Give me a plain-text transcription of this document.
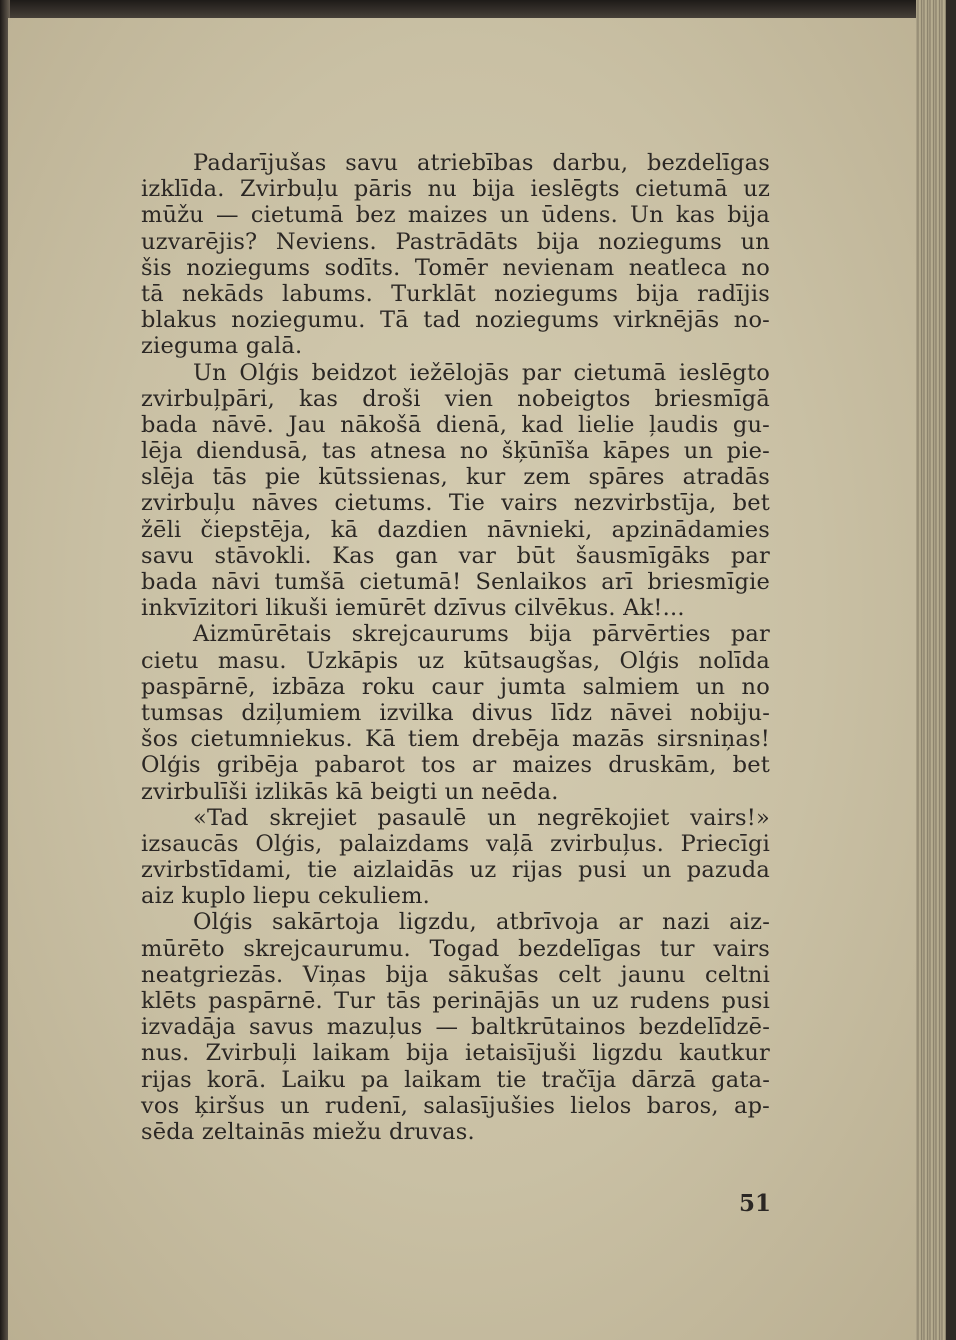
Padarījušas savu atriebības darbu, bezdelīgas
izklīda. Zvirbuļu pāris nu bija ieslēgts cietumā uz
mūžu — cietumā bez maizes un ūdens. Un kas bija
uzvarējis? Neviens. Pastrādāts bija noziegums un
šis noziegums sodīts. Tomēr nevienam neatleca no
tā nekāds labums. Turklāt noziegums bija radījis
blakus noziegumu. Tā tad noziegums virknējās no-
zieguma galā.
Un Olģis beidzot iežēlojās par cietumā ieslēgto
zvirbuļpāri, kas droši vien nobeigtos briesmīgā
bada nāvē. Jau nākošā dienā, kad lielie ļaudis gu-
lēja diendusā, tas atnesa no šķūnīša kāpes un pie-
slēja tās pie kūtssienas, kur zem spāres atradās
zvirbuļu nāves cietums. Tie vairs nezvirbstīja, bet
žēli čiepstēja, kā dazdien nāvnieki, apzinādamies
savu stāvokli. Kas gan var būt šausmīgāks par
bada nāvi tumšā cietumā! Senlaikos arī briesmīgie
inkvīzitori likuši iemūrēt dzīvus cilvēkus. Ak!...
Aizmūrētais skrejcaurums bija pārvērties par
cietu masu. Uzkāpis uz kūtsaugšas, Olģis nolīda
paspārnē, izbāza roku caur jumta salmiem un no
tumsas dziļumiem izvilka divus līdz nāvei nobiju-
šos cietumniekus. Kā tiem drebēja mazās sirsniņas!
Olģis gribēja pabarot tos ar maizes druskām, bet
zvirbulīši izlikās kā beigti un neēda.
«Tad skrejiet pasaulē un negrēkojiet vairs!»
izsaucās Olģis, palaizdams vaļā zvirbuļus. Priecīgi
zvirbstīdami, tie aizlaidās uz rijas pusi un pazuda
aiz kuplo liepu cekuliem.
Olģis sakārtoja ligzdu, atbrīvoja ar nazi aiz-
mūrēto skrejcaurumu. Togad bezdelīgas tur vairs
neatgriezās. Viņas bija sākušas celt jaunu celtni
klēts paspārnē. Tur tās perinājās un uz rudens pusi
izvadāja savus mazuļus — baltkrūtainos bezdelīdzē-
nus. Zvirbuļi laikam bija ietaisījuši ligzdu kautkur
rijas korā. Laiku pa laikam tie tračīja dārzā gata-
vos ķiršus un rudenī, salasījušies lielos baros, ap-
sēda zeltainās miežu druvas.
51
